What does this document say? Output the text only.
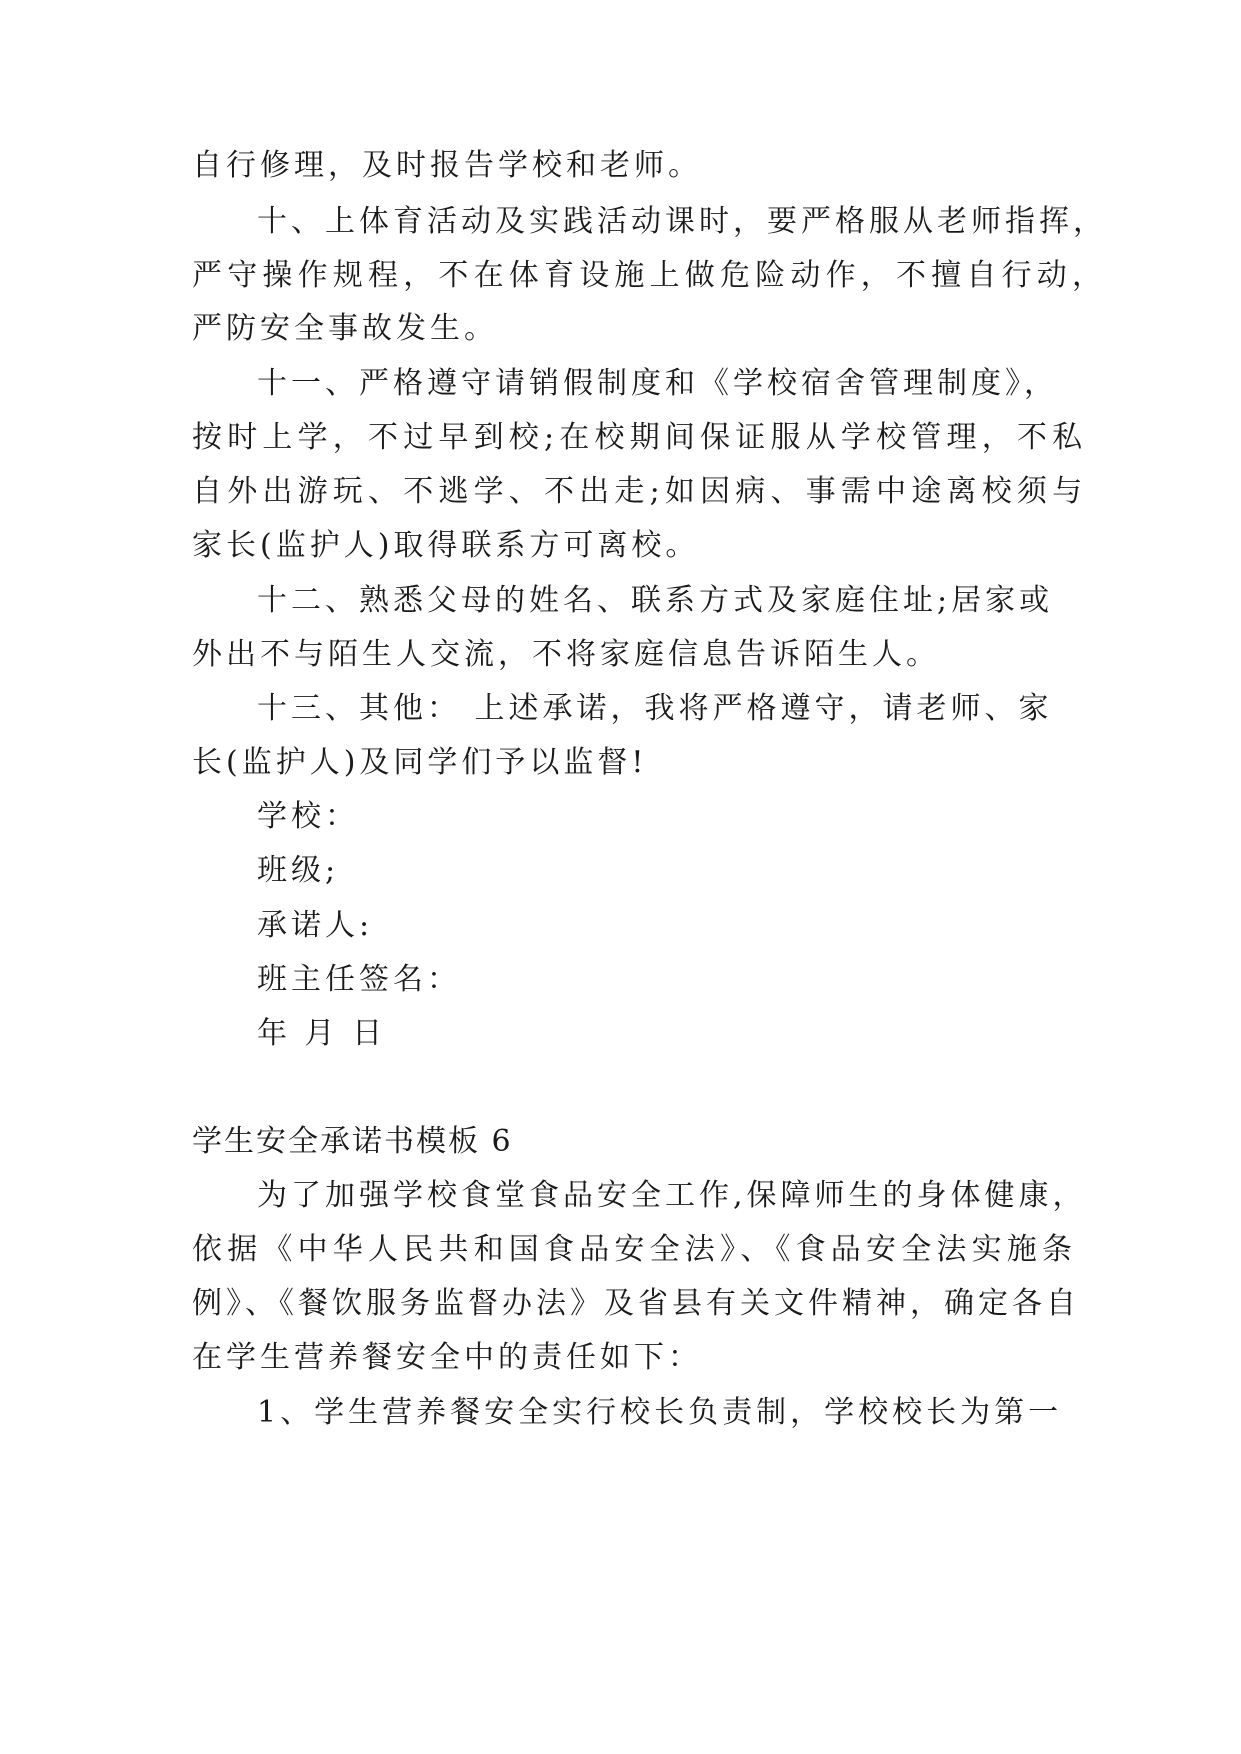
自行修理，及时报告学校和老师。
十、上体育活动及实践活动课时，要严格服从老师指挥，
严守操作规程，不在体育设施上做危险动作，不擅自行动，
严防安全事故发生。
十一、严格遵守请销假制度和《学校宿舍管理制度》，
按时上学，不过早到校;在校期间保证服从学校管理，不私
自外出游玩、不逃学、不出走;如因病、事需中途离校须与
家长(监护人)取得联系方可离校。
十二、熟悉父母的姓名、联系方式及家庭住址;居家或
外出不与陌生人交流，不将家庭信息告诉陌生人。
十三、其他： 上述承诺，我将严格遵守，请老师、家
长(监护人)及同学们予以监督!
学校：
班级;
承诺人:
班主任签名：
年 月 日
学生安全承诺书模板 6
为了加强学校食堂食品安全工作,保障师生的身体健康，
依据《中华人民共和国食品安全法》、《食品安全法实施条
例》、《餐饮服务监督办法》及省县有关文件精神，确定各自
在学生营养餐安全中的责任如下：
1、学生营养餐安全实行校长负责制，学校校长为第一
